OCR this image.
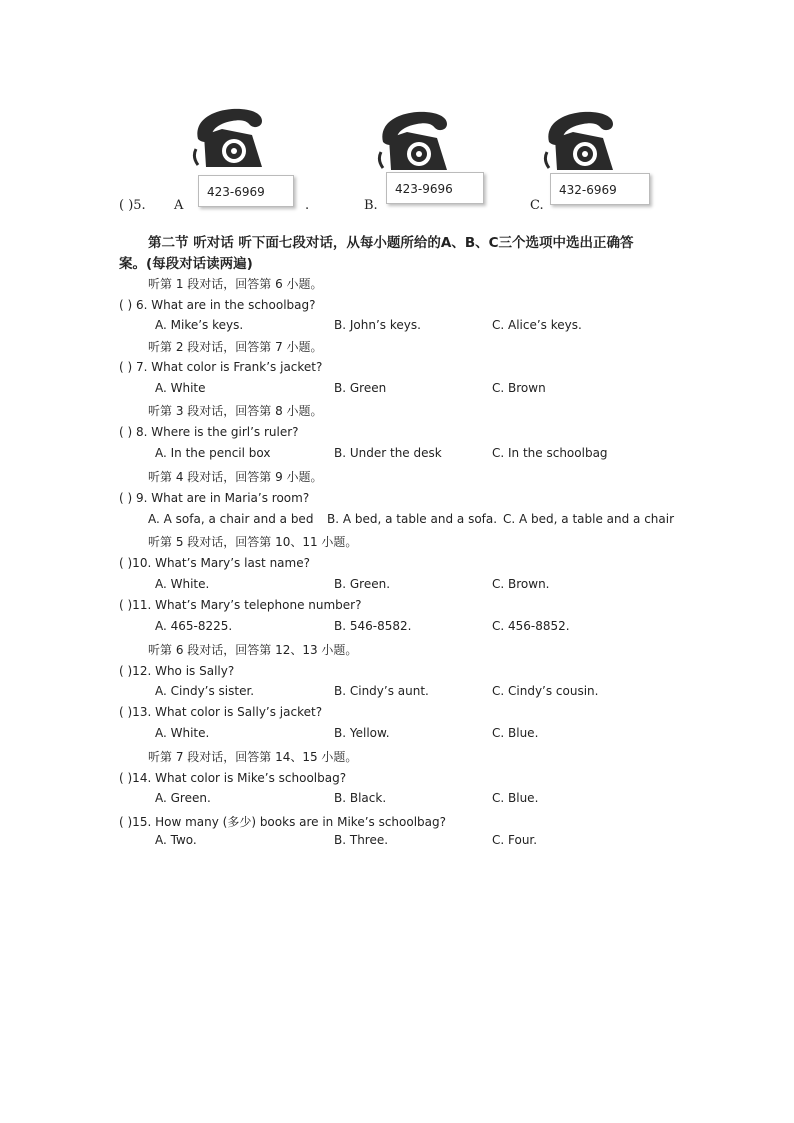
423-6969	423-9696	432-6969
( )5. A	.	B.	C.
第二节 听对话 听下面七段对话，从每小题所给的A、B、C三个选项中选出正确答
案。(每段对话读两遍)
听第 1 段对话，回答第 6 小题。
( ) 6. What are in the schoolbag?
A. Mike’s keys.	B. John’s keys.	C. Alice’s keys.
听第 2 段对话，回答第 7 小题。
( ) 7. What color is Frank’s jacket?
A. White	B. Green	C. Brown
听第 3 段对话，回答第 8 小题。
( ) 8. Where is the girl’s ruler?
A. In the pencil box	B. Under the desk	C. In the schoolbag
听第 4 段对话，回答第 9 小题。
( ) 9. What are in Maria’s room?
A. A sofa, a chair and a bed B. A bed, a table and a sofa. C. A bed, a table and a chair
听第 5 段对话，回答第 10、11 小题。
( )10. What’s Mary’s last name?
A. White.	B. Green.	C. Brown.
( )11. What’s Mary’s telephone number?
A. 465-8225.	B. 546-8582.	C. 456-8852.
听第 6 段对话，回答第 12、13 小题。
( )12. Who is Sally?
A. Cindy’s sister.	B. Cindy’s aunt.	C. Cindy’s cousin.
( )13. What color is Sally’s jacket?
A. White.	B. Yellow.	C. Blue.
听第 7 段对话，回答第 14、15 小题。
( )14. What color is Mike’s schoolbag?
A. Green.	B. Black.	C. Blue.
( )15. How many (多少) books are in Mike’s schoolbag?
A. Two.	B. Three.	C. Four.
